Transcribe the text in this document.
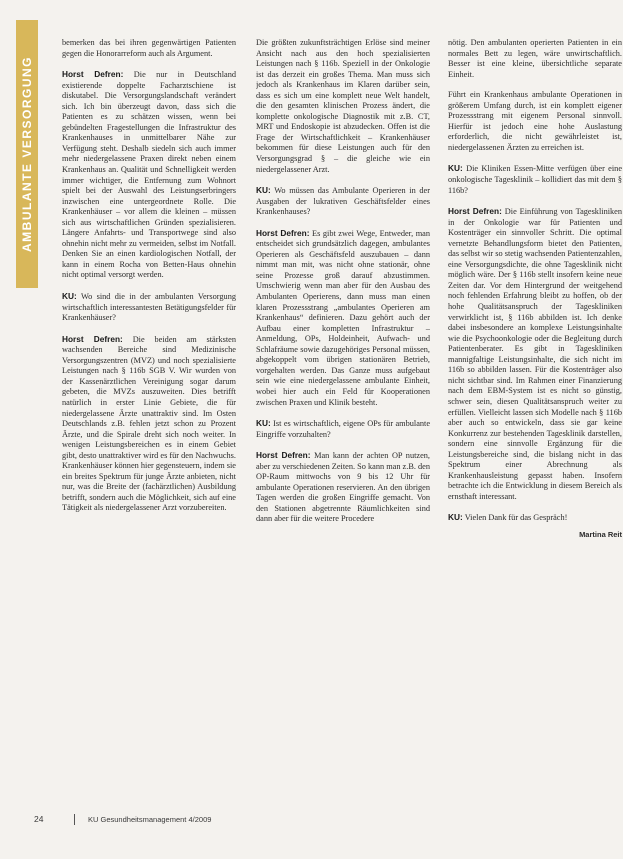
AMBULANTE VERSORGUNG

bemerken das bei ihren gegenwärtigen Patienten gegen die Honorarreform auch als Argument.

Horst Defren: Die nur in Deutschland existierende doppelte Facharztschiene ist diskutabel. Die Versorgungslandschaft verändert sich. Ich bin überzeugt davon, dass sich die Patienten es zu schätzen wissen, wenn bei gebündelten Fragestellungen die Infrastruktur des Krankenhauses in unmittelbarer Nähe zur Verfügung steht. Deshalb siedeln sich auch immer mehr niedergelassene Praxen direkt neben einem Krankenhaus an. Qualität und Schnelligkeit werden immer wichtiger, die Entfernung zum Wohnort spielt bei der Auswahl des Leistungserbringers inzwischen eine untergeordnete Rolle. Die Krankenhäuser – vor allem die kleinen – müssen sich aus wirtschaftlichen Gründen spezialisieren. Längere Anfahrts- und Transportwege sind also ohnehin nicht mehr zu vermeiden, selbst im Notfall. Denken Sie an einen kardiologischen Notfall, der kann in einem Rocha von Betten-Haus ohnehin nicht optimal versorgt werden.

KU: Wo sind die in der ambulanten Versorgung wirtschaftlich interessantesten Betätigungsfelder für Krankenhäuser?

Horst Defren: Die beiden am stärksten wachsenden Bereiche sind Medizinische Versorgungszentren (MVZ) und noch spezialisierte Leistungen nach § 116b SGB V. Wir wurden von der Kassenärztlichen Vereinigung sogar darum gebeten, die MVZs auszuweiten. Dies betrifft natürlich in erster Linie Gebiete, die für niedergelassene Ärzte unattraktiv sind. Im Osten Deutschlands z.B. fehlen jetzt schon zu Prozent Ärzte, und die Spirale dreht sich noch weiter. In wenigen Leistungsbereichen es in einem Gebiet gibt, desto unattraktiver wird es für den Nachwuchs. Krankenhäuser können hier gegensteuern, indem sie ein breites Spektrum für junge Ärzte anbieten, nicht nur, was die Breite der (fachärztlichen) Ausbildung betrifft, sondern auch die Möglichkeit, sich auf eine Tätigkeit als niedergelassener Arzt vorzubereiten.

Die größten zukunftsträchtigen Erlöse sind meiner Ansicht nach aus den hoch spezialisierten Leistungen nach § 116b. Speziell in der Onkologie ist das derzeit ein großes Thema. Man muss sich jedoch als Krankenhaus im Klaren darüber sein, dass es sich um eine komplett neue Welt handelt, die den gesamten klinischen Prozess ändert, die komplette onkologische Diagnostik mit z.B. CT, MRT und Endoskopie ist abzudecken. Offen ist die Frage der Wirtschaftlichkeit – Krankenhäuser bekommen für diese Leistungen auch für den Versorgungsgrad § – die gleiche wie ein niedergelassener Arzt.

KU: Wo müssen das Ambulante Operieren in der Ausgaben der lukrativen Geschäftsfelder eines Krankenhauses?

Horst Defren: Es gibt zwei Wege, Entweder, man entscheidet sich grundsätzlich dagegen, ambulantes Operieren als Geschäftsfeld auszubauen – dann nimmt man mit, was nicht ohne stationär, ohne seine Prozesse groß darauf abzustimmen. Umschwierig wenn man aber für den Ausbau des Ambulanten Operierens, dann muss man einen klaren Prozessstrang „ambulantes Operieren am Krankenhaus“ definieren. Dazu gehört auch der Aufbau einer kompletten Infrastruktur – Anmeldung, OPs, Holdeinheit, Aufwach- und Schlafräume sowie dazugehöriges Personal müssen, abgekoppelt vom übrigen stationären Betrieb, vorgehalten werden. Das Ganze muss aufgebaut sein wie eine niedergelassene ambulante Einheit, wobei hier auch ein Feld für Kooperationen zwischen Praxen und Klinik besteht.

KU: Ist es wirtschaftlich, eigene OPs für ambulante Eingriffe vorzuhalten?

Horst Defren: Man kann der achten OP nutzen, aber zu verschiedenen Zeiten. So kann man z.B. den OP-Raum mittwochs von 9 bis 12 Uhr für ambulante Operationen reservieren. An den übrigen Tagen werden die großen Eingriffe gemacht. Von den Stationen abgetrennte Räumlichkeiten sind dann aber für die weitere Procedere

nötig. Den ambulanten operierten Patienten in ein normales Bett zu legen, wäre unwirtschaftlich. Besser ist eine kleine, übersichtliche separate Einheit.

Führt ein Krankenhaus ambulante Operationen in größerem Umfang durch, ist ein komplett eigener Prozessstrang mit eigenem Personal sinnvoll. Hierfür ist jedoch eine hohe Auslastung erforderlich, die nicht gewährleistet ist, niedergelassenen Ärzten zu erreichen ist.

KU: Die Kliniken Essen-Mitte verfügen über eine onkologische Tagesklinik – kollidiert das mit dem § 116b?

Horst Defren: Die Einführung von Tageskliniken in der Onkologie war für Patienten und Kostenträger ein sinnvoller Schritt. Die optimal vernetzte Behandlungsform bietet den Patienten, das selbst wir so stetig wachsenden Patientenzahlen, eine Versorgungsdichte, die ohne Tagesklinik nicht möglich wäre. Der § 116b stellt insofern keine neue Zeiten dar. Vor dem Hintergrund der weitgehend noch fehlenden Erfahrung bleibt zu hoffen, ob der hohe Qualitätsanspruch der Tageskliniken verwirklicht ist, § 116b abbilden ist. Ich denke dabei insbesondere an komplexe Leistungsinhalte wie die Psychoonkologie oder die Begleitung durch Patientenberater. Es gibt in Tageskliniken mannigfaltige Leistungsinhalte, die sich nicht im 116b so abbilden lassen. Für die Kostenträger also nicht sichtbar sind. Im Rahmen einer Finanzierung nach dem EBM-System ist es nicht so günstig, schwer sein, diesen Qualitätsanspruch weiter zu erfüllen. Vielleicht lassen sich Modelle nach § 116b aber auch so entwickeln, dass sie gar keine Konkurrenz zur bestehenden Tagesklinik darstellen, sondern eine sinnvolle Ergänzung für die Leistungsbereiche sind, die bislang nicht in das Spektrum einer Abrechnung als Krankenhausleistung gepasst haben. Insofern betrachte ich die Entwicklung in diesem Bereich als ernsthaft interessant.

KU: Vielen Dank für das Gespräch!

Martina Reit
24	KU Gesundheitsmanagement 4/2009
